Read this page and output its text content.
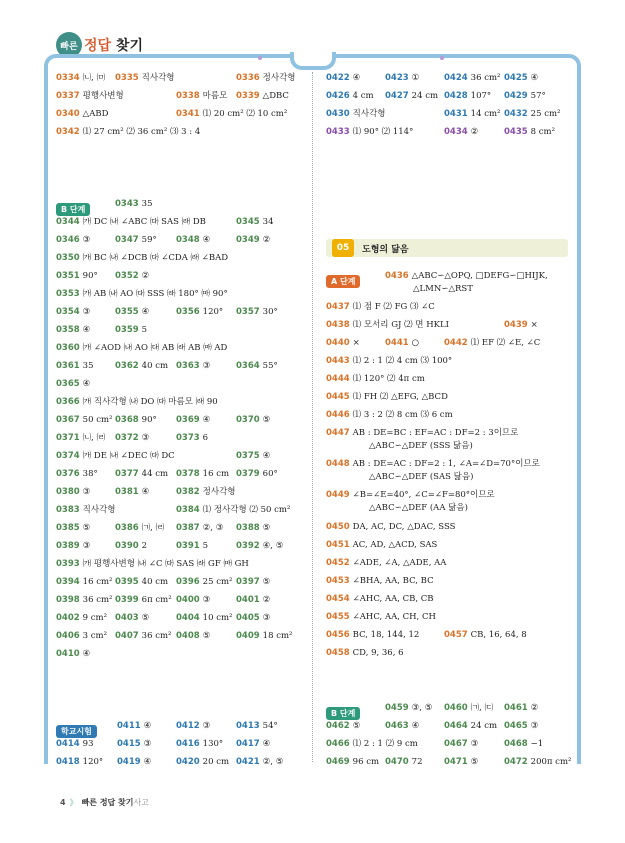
빠른 정답 찾기
B 단계
학교시험
05	도형의 닮음
A 단계
B 단계
0334 ㈁, ㈄ 0335 직사각형	0336 정사각형
0337 평행사변형	0338 마름모 0339 △DBC
0340 △ABD	0341 ⑴ 20 cm² ⑵ 10 cm²
0342 ⑴ 27 cm² ⑵ 36 cm² ⑶ 3 : 4
0343 35
0344 ㈎ DC ㈏ ∠ABC ㈐ SAS ㈑ DB	0345 34
0346 ③	0347 59° 0348 ④	0349 ②
0350 ㈎ BC ㈏ ∠DCB ㈐ ∠CDA ㈑ ∠BAD
0351 90° 0352 ②
0353 ㈎ AB ㈏ AO ㈐ SSS ㈑ 180° ㈒ 90°
0354 ③	0355 ④	0356 120° 0357 30°
0358 ④	0359 5
0360 ㈎ ∠AOD ㈏ AO ㈐ AB ㈑ AB ㈒ AD
0361 35	0362 40 cm 0363 ③	0364 55°
0365 ④
0366 ㈎ 직사각형 ㈏ DO ㈐ 마름모 ㈑ 90
0367 50 cm² 0368 90° 0369 ④	0370 ⑤
0371 ㈁, ㈃ 0372 ③	0373 6
0374 ㈎ DE ㈏ ∠DEC ㈐ DC	0375 ④
0376 38° 0377 44 cm 0378 16 cm 0379 60°
0380 ③	0381 ④	0382 정사각형
0383 직사각형	0384 ⑴ 정사각형 ⑵ 50 cm²
0385 ⑤	0386 ㈀, ㈃ 0387 ②, ③ 0388 ⑤
0389 ③	0390 2	0391 5	0392 ④, ⑤
0393 ㈎ 평행사변형 ㈏ ∠C ㈐ SAS ㈑ GF ㈒ GH
0394 16 cm² 0395 40 cm 0396 25 cm² 0397 ⑤
0398 36 cm² 0399 6π cm² 0400 ③	0401 ②
0402 9 cm² 0403 ⑤	0404 10 cm² 0405 ③
0406 3 cm² 0407 36 cm² 0408 ⑤	0409 18 cm²
0410 ④
0411 ④	0412 ③	0413 54°
0414 93	0415 ③	0416 130° 0417 ④
0418 120° 0419 ④	0420 20 cm 0421 ②, ⑤
0422 ④	0423 ①	0424 36 cm² 0425 ④
0426 4 cm 0427 24 cm 0428 107° 0429 57°
0430 직사각형	0431 14 cm² 0432 25 cm²
0433 ⑴ 90° ⑵ 114°	0434 ②	0435 8 cm²
0436 △ABC∽△OPQ, □DEFG∽□HIJK,
△LMN∽△RST
0437 ⑴ 점 F ⑵ FG ⑶ ∠C
0438 ⑴ 모서리 GJ ⑵ 면 HKLI	0439 ×
0440 ×	0441 ○	0442 ⑴ EF ⑵ ∠E, ∠C
0443 ⑴ 2 : 1 ⑵ 4 cm ⑶ 100°
0444 ⑴ 120° ⑵ 4π cm
0445 ⑴ FH ⑵ △EFG, △BCD
0446 ⑴ 3 : 2 ⑵ 8 cm ⑶ 6 cm
0447 AB : DE=BC : EF=AC : DF=2 : 3이므로
△ABC∽△DEF (SSS 닮음)
0448 AB : DE=AC : DF=2 : 1, ∠A=∠D=70°이므로
△ABC∽△DEF (SAS 닮음)
0449 ∠B=∠E=40°, ∠C=∠F=80°이므로
△ABC∽△DEF (AA 닮음)
0450 DA, AC, DC, △DAC, SSS
0451 AC, AD, △ACD, SAS
0452 ∠ADE, ∠A, △ADE, AA
0453 ∠BHA, AA, BC, BC
0454 ∠AHC, AA, CB, CB
0455 ∠AHC, AA, CH, CH
0456 BC, 18, 144, 12	0457 CB, 16, 64, 8
0458 CD, 9, 36, 6
0459 ③, ⑤ 0460 ㈀, ㈂ 0461 ②
0462 ⑤	0463 ④	0464 24 cm 0465 ③
0466 ⑴ 2 : 1 ⑵ 9 cm	0467 ③	0468 −1
0469 96 cm 0470 72	0471 ⑤	0472 200π cm²
4 》 빠른 정답 찾기사고
